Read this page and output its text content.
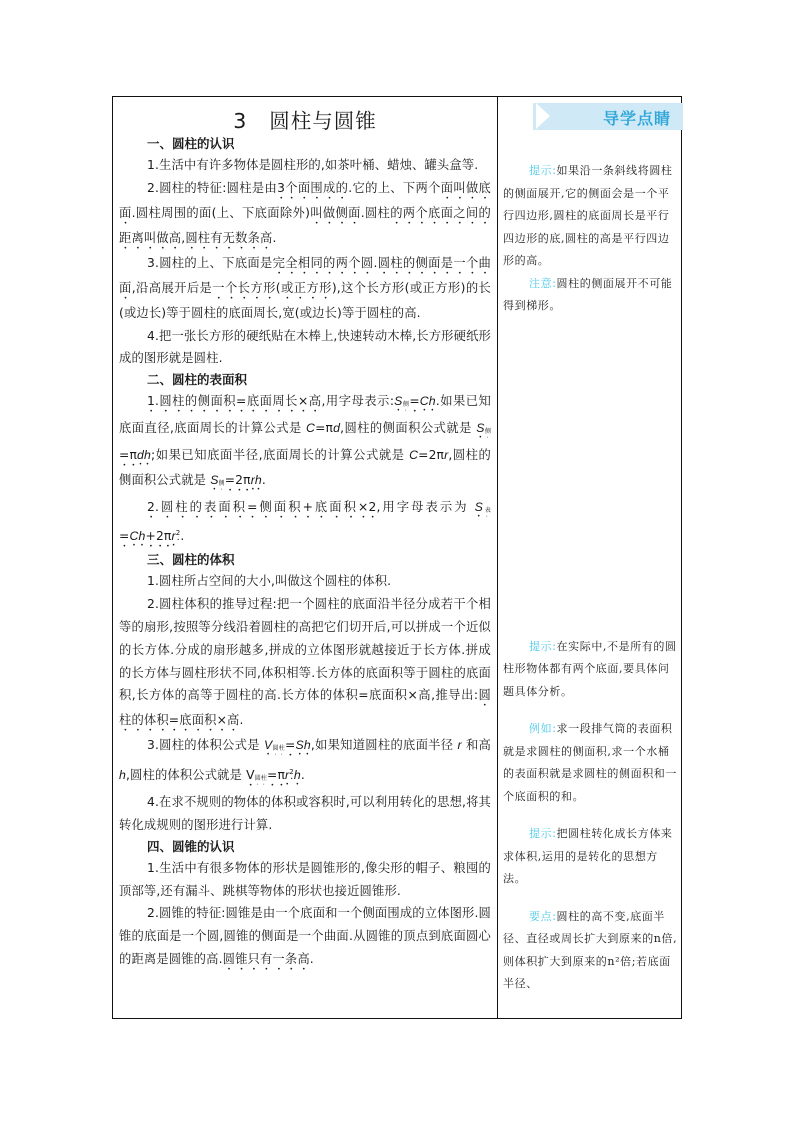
3 圆柱与圆锥
一、圆柱的认识

1.生活中有许多物体是圆柱形的,如茶叶桶、蜡烛、罐头盒等.

2.圆柱的特征:圆柱是由3个面围成的.它的上、下两个面叫做底面.圆柱周围的面(上、下底面除外)叫做侧面.圆柱的两个底面之间的距离叫做高,圆柱有无数条高.

3.圆柱的上、下底面是完全相同的两个圆.圆柱的侧面是一个曲面,沿高展开后是一个长方形(或正方形),这个长方形(或正方形)的长(或边长)等于圆柱的底面周长,宽(或边长)等于圆柱的高.

4.把一张长方形的硬纸贴在木棒上,快速转动木棒,长方形硬纸形成的图形就是圆柱.

二、圆柱的表面积

1.圆柱的侧面积=底面周长×高,用字母表示$:S_侧=Ch$.如果已知底面直径,底面周长的计算公式是 C=πd,圆柱的侧面积公式就是 $S_侧=\pi dh$;如果已知底面半径,底面周长的计算公式就是 C=2πr,圆柱的侧面积公式就是 $S_侧=2\pi rh$.

2.圆柱的表面积=侧面积+底面积×2,用字母表示为 $S_表=Ch+2\pi r^2$.

三、圆柱的体积

1.圆柱所占空间的大小,叫做这个圆柱的体积.

2.圆柱体积的推导过程:把一个圆柱的底面沿半径分成若干个相等的扇形,按照等分线沿着圆柱的高把它们切开后,可以拼成一个近似的长方体.分成的扇形越多,拼成的立体图形就越接近于长方体.拼成的长方体与圆柱形状不同,体积相等.长方体的底面积等于圆柱的底面积,长方体的高等于圆柱的高.长方体的体积=底面积×高,推导出:圆柱的体积=底面积×高.

3.圆柱的体积公式是 $V_{圆柱}=Sh$,如果知道圆柱的底面半径 r 和高 h,圆柱的体积公式就是 $V_{圆柱}=\pi r^2h$.

4.在求不规则的物体的体积或容积时,可以利用转化的思想,将其转化成规则的图形进行计算.

四、圆锥的认识

1.生活中有很多物体的形状是圆锥形的,像尖形的帽子、粮囤的顶部等,还有漏斗、跳棋等物体的形状也接近圆锥形.

2.圆锥的特征:圆锥是由一个底面和一个侧面围成的立体图形.圆锥的底面是一个圆,圆锥的侧面是一个曲面.从圆锥的顶点到底面圆心的距离是圆锥的高.圆锥只有一条高.

导学点睛

提示:如果沿一条斜线将圆柱的侧面展开,它的侧面会是一个平行四边形,圆柱的底面周长是平行四边形的底,圆柱的高是平行四边形的高。

注意:圆柱的侧面展开不可能得到梯形。

提示:在实际中,不是所有的圆柱形物体都有两个底面,要具体问题具体分析。

例如:求一段排气筒的表面积就是求圆柱的侧面积,求一个水桶的表面积就是求圆柱的侧面积和一个底面积的和。

提示:把圆柱转化成长方体来求体积,运用的是转化的思想方法。

要点:圆柱的高不变,底面半径、直径或周长扩大到原来的n倍,则体积扩大到原来的n²倍;若底面半径、
